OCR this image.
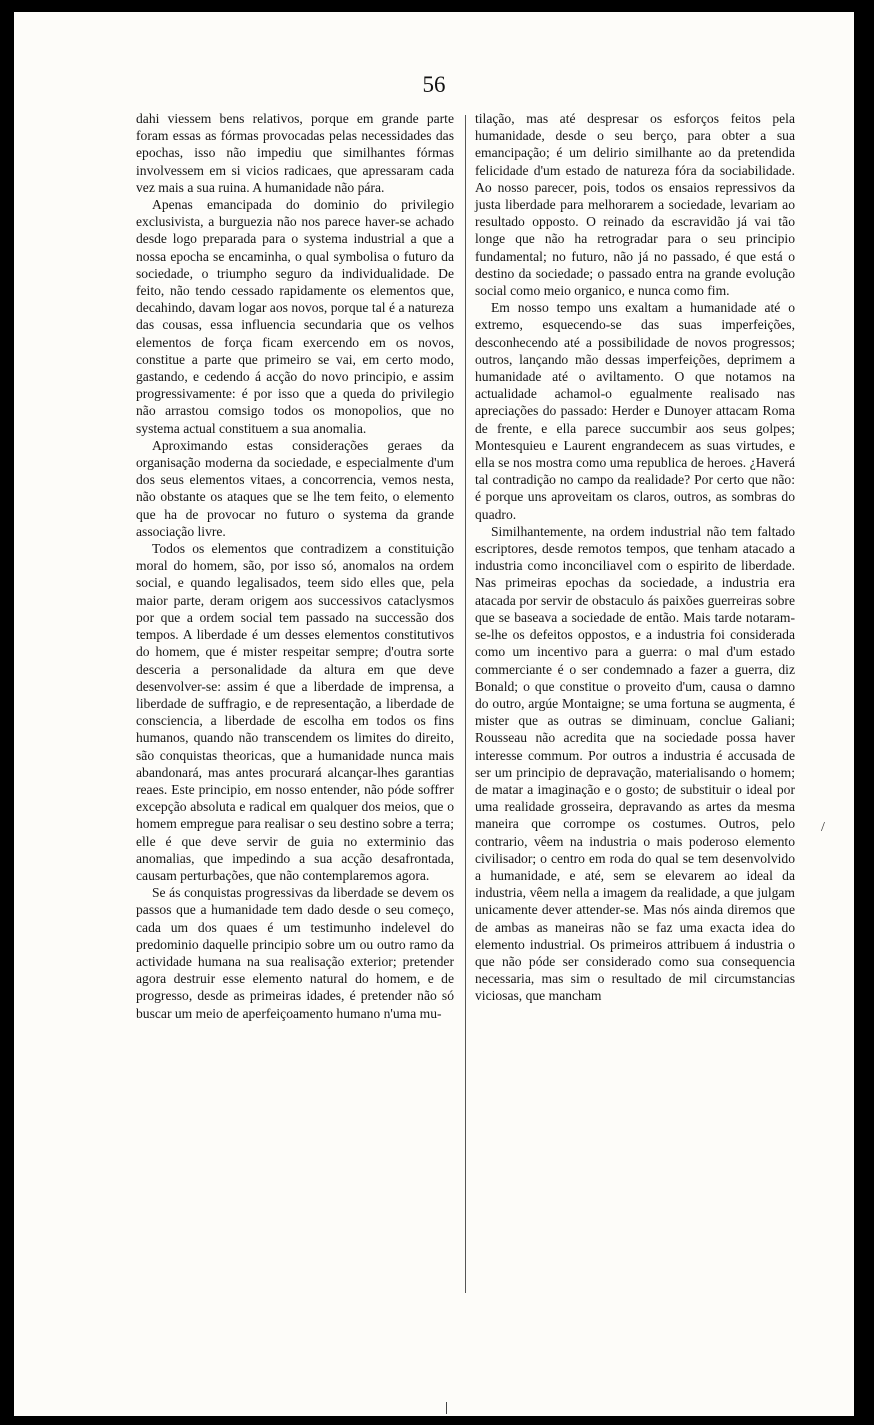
56

dahi viessem bens relativos, porque em grande parte foram essas as fórmas provocadas pelas necessidades das epochas, isso não impediu que similhantes fórmas involvessem em si vicios radicaes, que apressaram cada vez mais a sua ruina. A humanidade não pára.

Apenas emancipada do dominio do privilegio exclusivista, a burguezia não nos parece haver-se achado desde logo preparada para o systema industrial a que a nossa epocha se encaminha, o qual symbolisa o futuro da sociedade, o triumpho seguro da individualidade. De feito, não tendo cessado rapidamente os elementos que, decahindo, davam logar aos novos, porque tal é a natureza das cousas, essa influencia secundaria que os velhos elementos de força ficam exercendo em os novos, constitue a parte que primeiro se vai, em certo modo, gastando, e cedendo á acção do novo principio, e assim progressivamente: é por isso que a queda do privilegio não arrastou comsigo todos os monopolios, que no systema actual constituem a sua anomalia.

Aproximando estas considerações geraes da organisação moderna da sociedade, e especialmente d'um dos seus elementos vitaes, a concorrencia, vemos nesta, não obstante os ataques que se lhe tem feito, o elemento que ha de provocar no futuro o systema da grande associação livre.

Todos os elementos que contradizem a constituição moral do homem, são, por isso só, anomalos na ordem social, e quando legalisados, teem sido elles que, pela maior parte, deram origem aos successivos cataclysmos por que a ordem social tem passado na successão dos tempos. A liberdade é um desses elementos constitutivos do homem, que é mister respeitar sempre; d'outra sorte desceria a personalidade da altura em que deve desenvolver-se: assim é que a liberdade de imprensa, a liberdade de suffragio, e de representação, a liberdade de consciencia, a liberdade de escolha em todos os fins humanos, quando não transcendem os limites do direito, são conquistas theoricas, que a humanidade nunca mais abandonará, mas antes procurará alcançar-lhes garantias reaes. Este principio, em nosso entender, não póde soffrer excepção absoluta e radical em qualquer dos meios, que o homem empregue para realisar o seu destino sobre a terra; elle é que deve servir de guia no exterminio das anomalias, que impedindo a sua acção desafrontada, causam perturbações, que não contemplaremos agora.

Se ás conquistas progressivas da liberdade se devem os passos que a humanidade tem dado desde o seu começo, cada um dos quaes é um testimunho indelevel do predominio daquelle principio sobre um ou outro ramo da actividade humana na sua realisação exterior; pretender agora destruir esse elemento natural do homem, e de progresso, desde as primeiras idades, é pretender não só buscar um meio de aperfeiçoamento humano n'uma mu-

tilação, mas até despresar os esforços feitos pela humanidade, desde o seu berço, para obter a sua emancipação; é um delirio similhante ao da pretendida felicidade d'um estado de natureza fóra da sociabilidade. Ao nosso parecer, pois, todos os ensaios repressivos da justa liberdade para melhorarem a sociedade, levariam ao resultado opposto. O reinado da escravidão já vai tão longe que não ha retrogradar para o seu principio fundamental; no futuro, não já no passado, é que está o destino da sociedade; o passado entra na grande evolução social como meio organico, e nunca como fim.

Em nosso tempo uns exaltam a humanidade até o extremo, esquecendo-se das suas imperfeições, desconhecendo até a possibilidade de novos progressos; outros, lançando mão dessas imperfeições, deprimem a humanidade até o aviltamento. O que notamos na actualidade achamol-o egualmente realisado nas apreciações do passado: Herder e Dunoyer attacam Roma de frente, e ella parece succumbir aos seus golpes; Montesquieu e Laurent engrandecem as suas virtudes, e ella se nos mostra como uma republica de heroes. ¿Haverá tal contradição no campo da realidade? Por certo que não: é porque uns aproveitam os claros, outros, as sombras do quadro.

Similhantemente, na ordem industrial não tem faltado escriptores, desde remotos tempos, que tenham atacado a industria como inconciliavel com o espirito de liberdade. Nas primeiras epochas da sociedade, a industria era atacada por servir de obstaculo ás paixões guerreiras sobre que se baseava a sociedade de então. Mais tarde notaram-se-lhe os defeitos oppostos, e a industria foi considerada como um incentivo para a guerra: o mal d'um estado commerciante é o ser condemnado a fazer a guerra, diz Bonald; o que constitue o proveito d'um, causa o damno do outro, argúe Montaigne; se uma fortuna se augmenta, é mister que as outras se diminuam, conclue Galiani; Rousseau não acredita que na sociedade possa haver interesse commum. Por outros a industria é accusada de ser um principio de depravação, materialisando o homem; de matar a imaginação e o gosto; de substituir o ideal por uma realidade grosseira, depravando as artes da mesma maneira que corrompe os costumes. Outros, pelo contrario, vêem na industria o mais poderoso elemento civilisador; o centro em roda do qual se tem desenvolvido a humanidade, e até, sem se elevarem ao ideal da industria, vêem nella a imagem da realidade, a que julgam unicamente dever attender-se. Mas nós ainda diremos que de ambas as maneiras não se faz uma exacta idea do elemento industrial. Os primeiros attribuem á industria o que não póde ser considerado como sua consequencia necessaria, mas sim o resultado de mil circumstancias viciosas, que mancham

/
